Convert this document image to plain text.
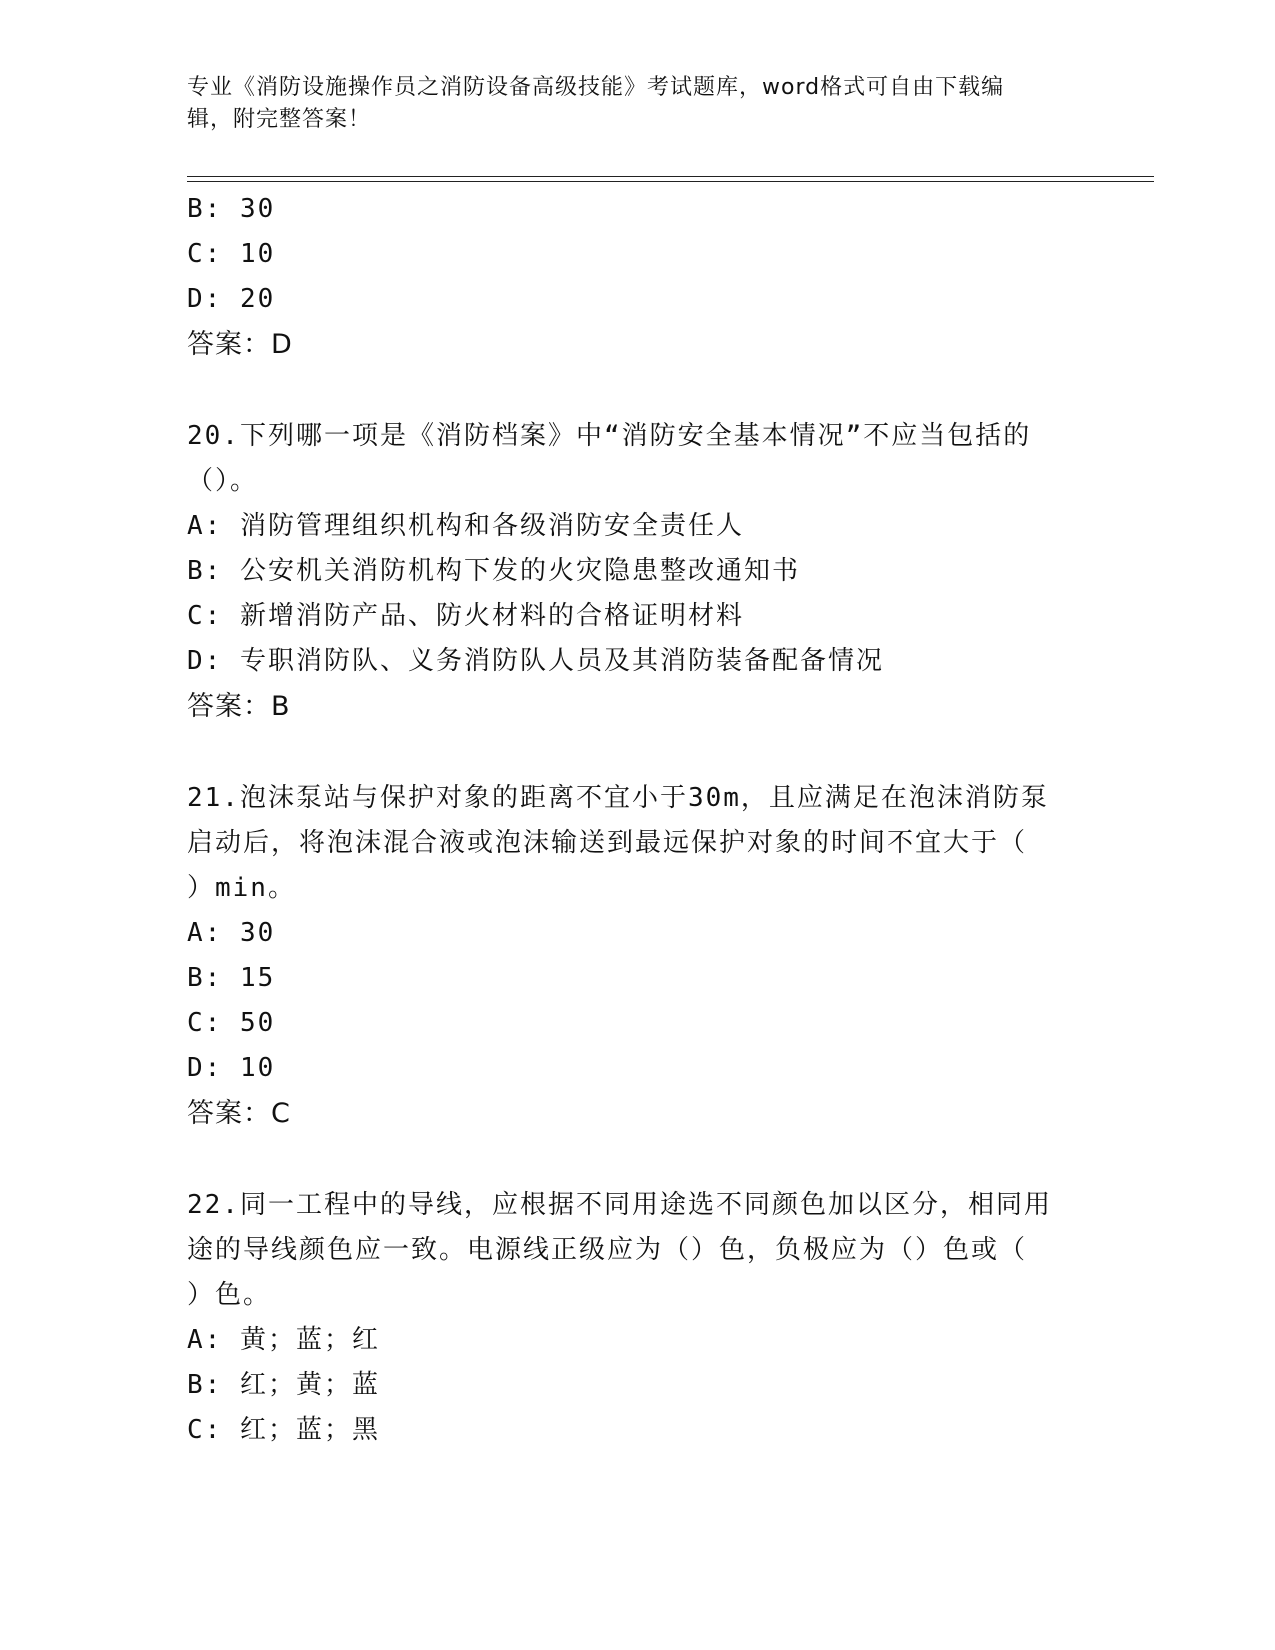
专业《消防设施操作员之消防设备高级技能》考试题库，word格式可自由下载编
辑，附完整答案！
B: 30
C: 10
D: 20
答案：D
20.下列哪一项是《消防档案》中“消防安全基本情况”不应当包括的
（）。
A: 消防管理组织机构和各级消防安全责任人
B: 公安机关消防机构下发的火灾隐患整改通知书
C: 新增消防产品、防火材料的合格证明材料
D: 专职消防队、义务消防队人员及其消防装备配备情况
答案：B
21.泡沫泵站与保护对象的距离不宜小于30m，且应满足在泡沫消防泵
启动后，将泡沫混合液或泡沫输送到最远保护对象的时间不宜大于（
）min。
A: 30
B: 15
C: 50
D: 10
答案：C
22.同一工程中的导线，应根据不同用途选不同颜色加以区分，相同用
途的导线颜色应一致。电源线正级应为（）色，负极应为（）色或（
）色。
A: 黄；蓝；红
B: 红；黄；蓝
C: 红；蓝；黑
